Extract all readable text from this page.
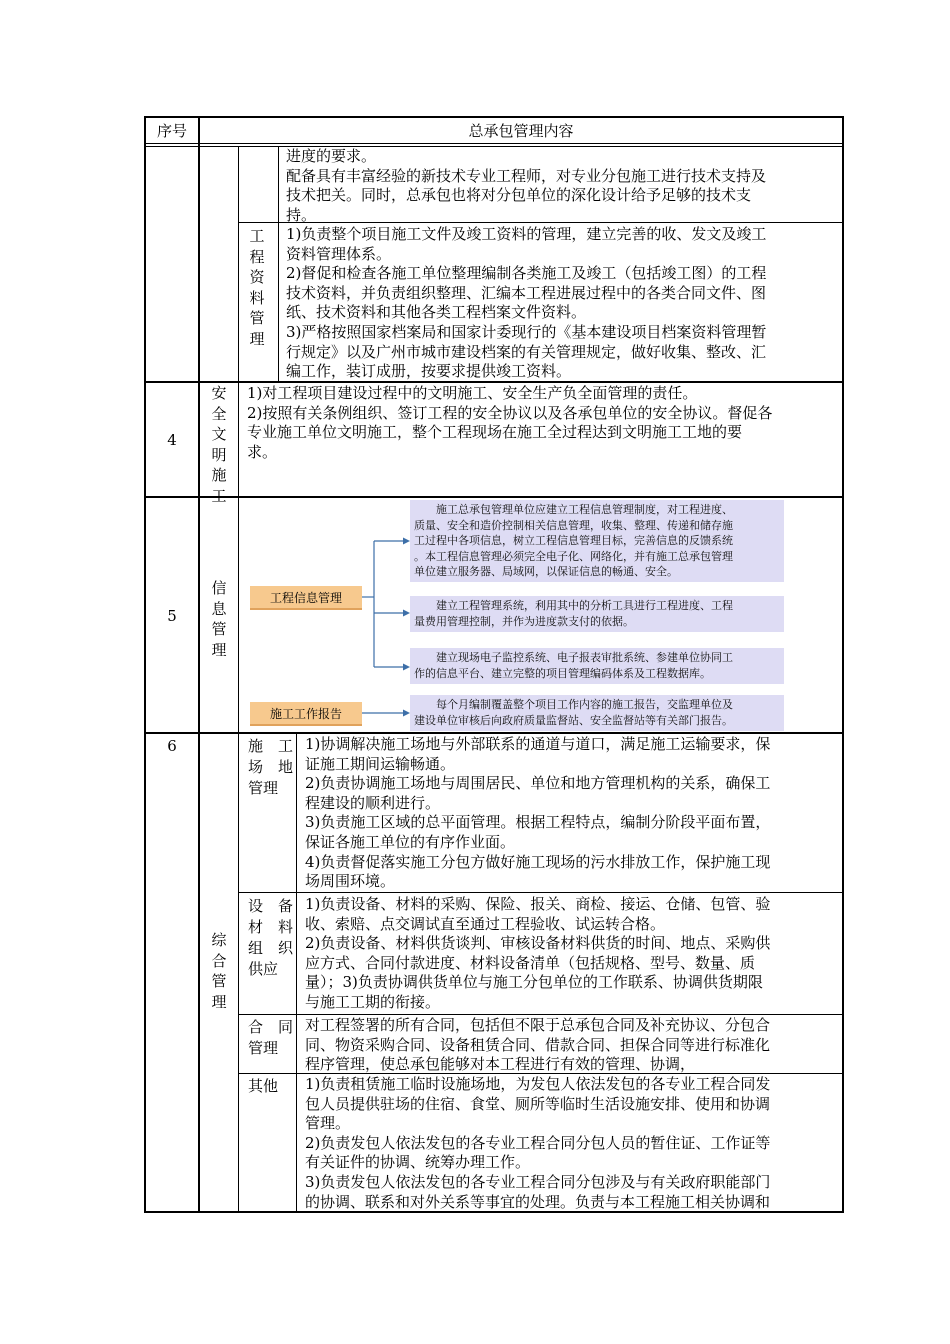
序号	总承包管理内容
进度的要求。
配备具有丰富经验的新技术专业工程师，对专业分包施工进行技术支持及
技术把关。同时，总承包也将对分包单位的深化设计给予足够的技术支
持。
工
程
资
料
管
理
1)负责整个项目施工文件及竣工资料的管理，建立完善的收、发文及竣工
资料管理体系。
2)督促和检查各施工单位整理编制各类施工及竣工（包括竣工图）的工程
技术资料，并负责组织整理、汇编本工程进展过程中的各类合同文件、图
纸、技术资料和其他各类工程档案文件资料。
3)严格按照国家档案局和国家计委现行的《基本建设项目档案资料管理暂
行规定》以及广州市城市建设档案的有关管理规定，做好收集、整改、汇
编工作，装订成册，按要求提供竣工资料。
4
安
全
文
明
施
工
1)对工程项目建设过程中的文明施工、安全生产负全面管理的责任。
2)按照有关条例组织、签订工程的安全协议以及各承包单位的安全协议。督促各
专业施工单位文明施工，整个工程现场在施工全过程达到文明施工工地的要
求。
5
信
息
管
理
工程信息管理
施工工作报告
　　施工总承包管理单位应建立工程信息管理制度，对工程进度、
质量、安全和造价控制相关信息管理，收集、整理、传递和储存施
工过程中各项信息，树立工程信息管理目标，完善信息的反馈系统
。本工程信息管理必须完全电子化、网络化，并有施工总承包管理
单位建立服务器、局域网，以保证信息的畅通、安全。
　　建立工程管理系统，利用其中的分析工具进行工程进度、工程
量费用管理控制，并作为进度款支付的依据。
　　建立现场电子监控系统、电子报表审批系统、参建单位协同工
作的信息平台、建立完整的项目管理编码体系及工程数据库。
　　每个月编制覆盖整个项目工作内容的施工报告，交监理单位及
建设单位审核后向政府质量监督站、安全监督站等有关部门报告。
6
综
合
管
理
施　工
场　地
管理
1)协调解决施工场地与外部联系的通道与道口，满足施工运输要求，保
证施工期间运输畅通。
2)负责协调施工场地与周围居民、单位和地方管理机构的关系，确保工
程建设的顺利进行。
3)负责施工区域的总平面管理。根据工程特点，编制分阶段平面布置，
保证各施工单位的有序作业面。
4)负责督促落实施工分包方做好施工现场的污水排放工作，保护施工现
场周围环境。
设　备
材　料
组　织
供应
1)负责设备、材料的采购、保险、报关、商检、接运、仓储、包管、验
收、索赔、点交调试直至通过工程验收、试运转合格。
2)负责设备、材料供货谈判、审核设备材料供货的时间、地点、采购供
应方式、合同付款进度、材料设备清单（包括规格、型号、数量、质
量）；3)负责协调供货单位与施工分包单位的工作联系、协调供货期限
与施工工期的衔接。
合　同
管理
对工程签署的所有合同，包括但不限于总承包合同及补充协议、分包合
同、物资采购合同、设备租赁合同、借款合同、担保合同等进行标准化
程序管理，使总承包能够对本工程进行有效的管理、协调，
其他	1)负责租赁施工临时设施场地，为发包人依法发包的各专业工程合同发
包人员提供驻场的住宿、食堂、厕所等临时生活设施安排、使用和协调
管理。
2)负责发包人依法发包的各专业工程合同分包人员的暂住证、工作证等
有关证件的协调、统筹办理工作。
3)负责发包人依法发包的各专业工程合同分包涉及与有关政府职能部门
的协调、联系和对外关系等事宜的处理。负责与本工程施工相关协调和
